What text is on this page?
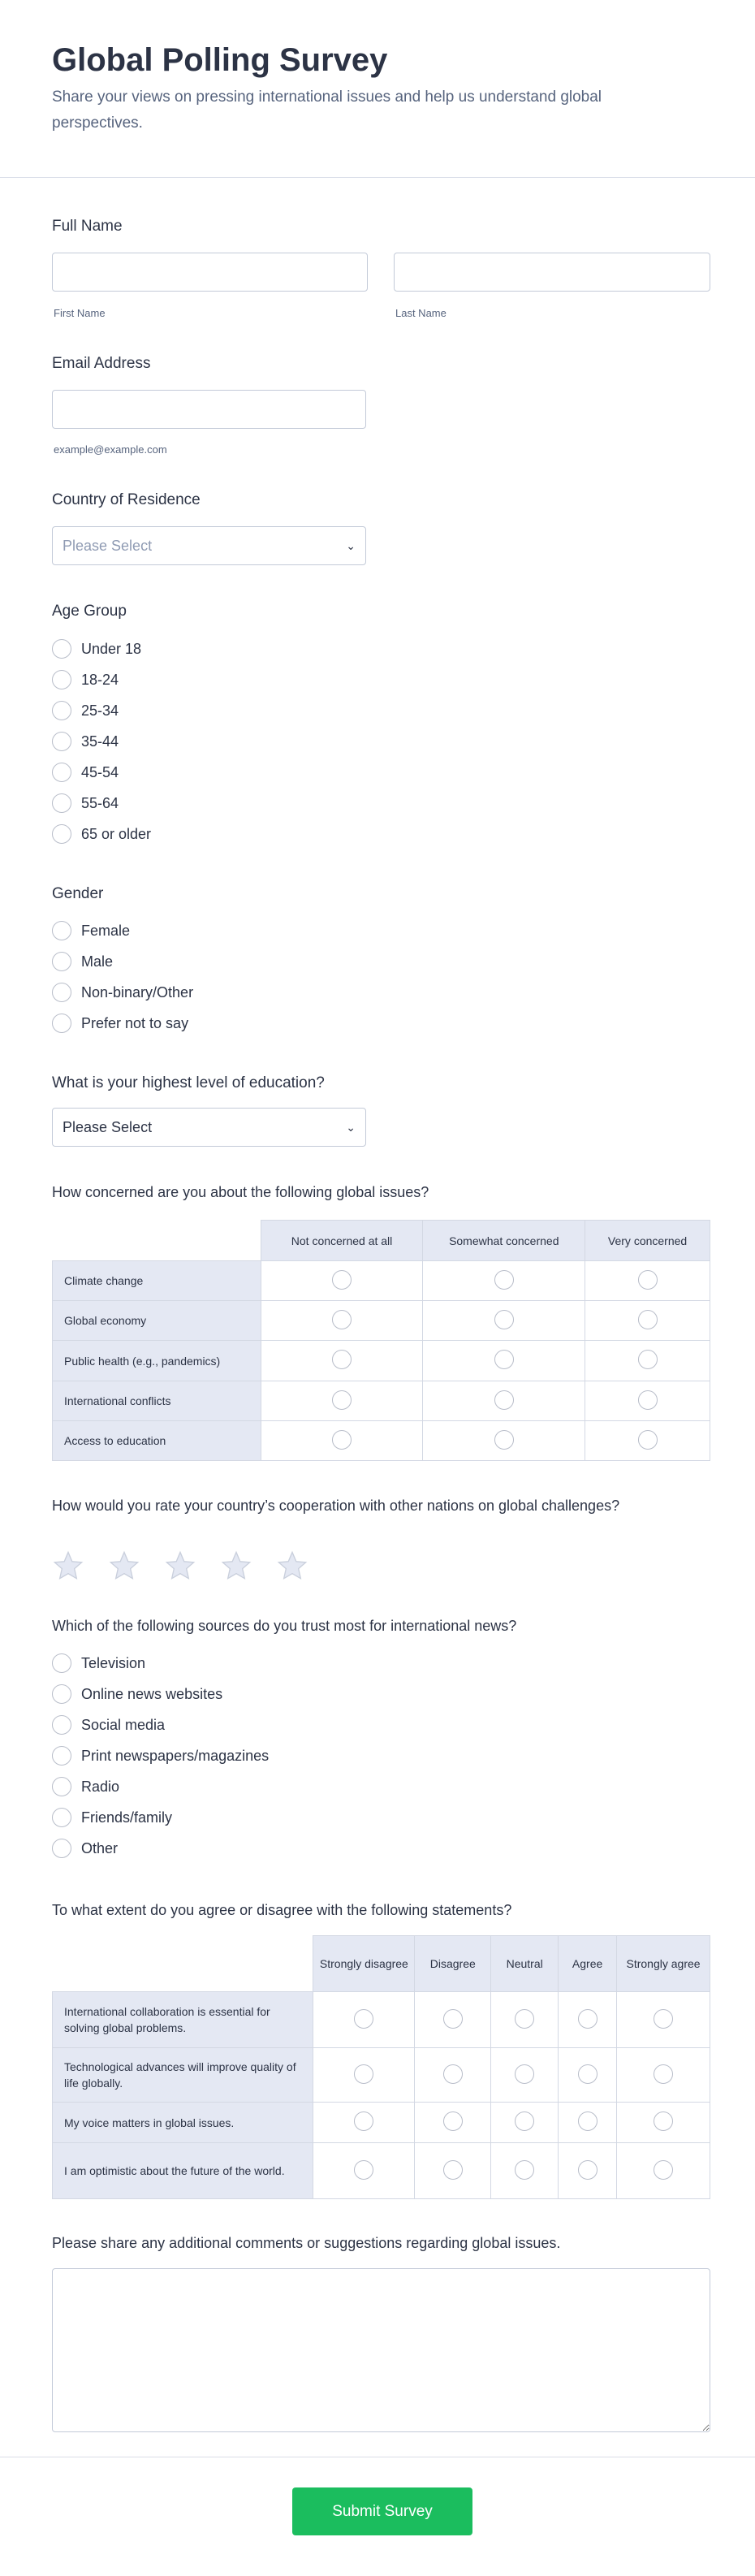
Global Polling Survey
Share your views on pressing international issues and help us understand global perspectives.
Full Name
First Name	Last Name
Email Address
example@example.com
Country of Residence
Please Select	⌄
Age Group
Under 18
18-24
25-34
35-44
45-54
55-64
65 or older
Gender
Female
Male
Non-binary/Other
Prefer not to say
What is your highest level of education?
Please Select	⌄
How concerned are you about the following global issues?
	Not concerned at all	Somewhat concerned	Very concerned
Climate change			
Global economy			
Public health (e.g., pandemics)			
International conflicts			
Access to education			
How would you rate your country’s cooperation with other nations on global challenges?
Which of the following sources do you trust most for international news?
Television
Online news websites
Social media
Print newspapers/magazines
Radio
Friends/family
Other
To what extent do you agree or disagree with the following statements?
	Strongly disagree	Disagree	Neutral	Agree	Strongly agree
International collaboration is essential for solving global problems.					
Technological advances will improve quality of life globally.					
My voice matters in global issues.					
I am optimistic about the future of the world.					
Please share any additional comments or suggestions regarding global issues.
Submit Survey
